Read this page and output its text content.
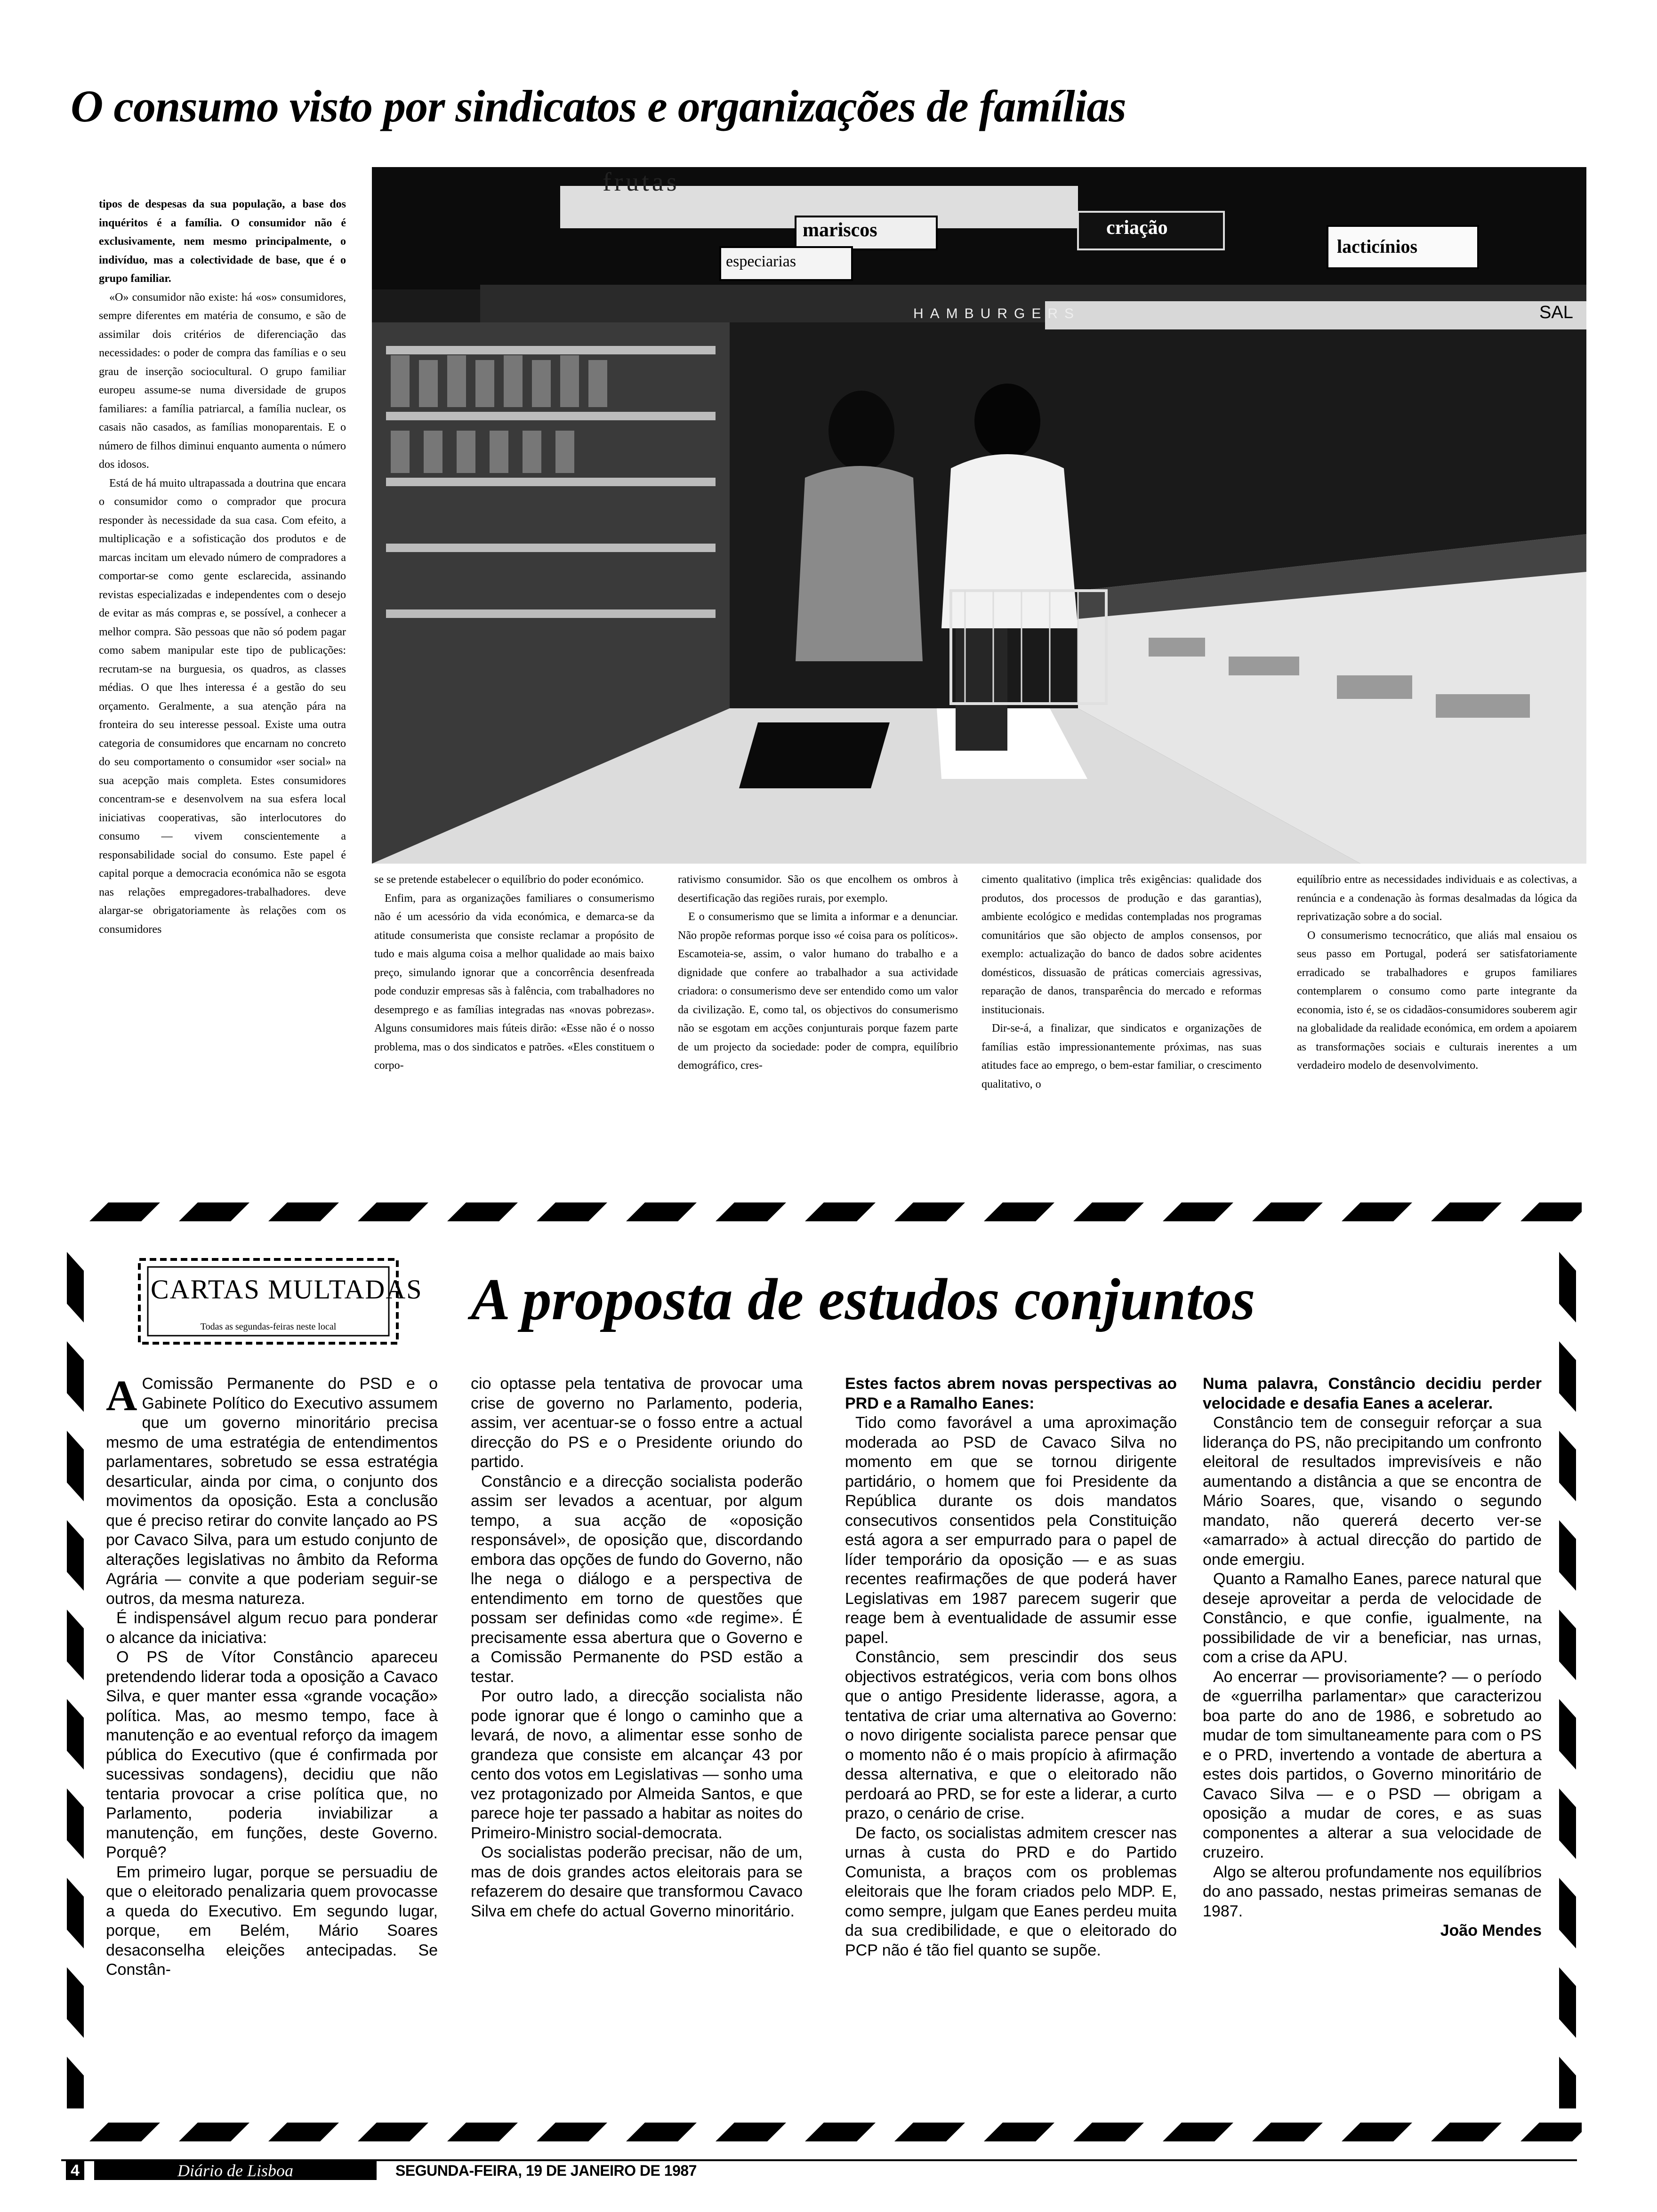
O consumo visto por sindicatos e organizações de famílias
frutas
mariscos
especiarias
criação
lacticínios
HAMBURGERS	SAL

tipos de despesas da sua população, a base dos inquéritos é a família. O consumidor não é exclusivamente, nem mesmo principalmente, o indivíduo, mas a colectividade de base, que é o grupo familiar.

«O» consumidor não existe: há «os» consumidores, sempre diferentes em matéria de consumo, e são de assimilar dois critérios de diferenciação das necessidades: o poder de compra das famílias e o seu grau de inserção sociocultural. O grupo familiar europeu assume-se numa diversidade de grupos familiares: a família patriarcal, a família nuclear, os casais não casados, as famílias monoparentais. E o número de filhos diminui enquanto aumenta o número dos idosos.

Está de há muito ultrapassada a doutrina que encara o consumidor como o comprador que procura responder às necessidade da sua casa. Com efeito, a multiplicação e a sofisticação dos produtos e de marcas incitam um elevado número de compradores a comportar-se como gente esclarecida, assinando revistas especializadas e independentes com o desejo de evitar as más compras e, se possível, a conhecer a melhor compra. São pessoas que não só podem pagar como sabem manipular este tipo de publicações: recrutam-se na burguesia, os quadros, as classes médias. O que lhes interessa é a gestão do seu orçamento. Geralmente, a sua atenção pára na fronteira do seu interesse pessoal. Existe uma outra categoria de consumidores que encarnam no concreto do seu comportamento o consumidor «ser social» na sua acepção mais completa. Estes consumidores concentram-se e desenvolvem na sua esfera local iniciativas cooperativas, são interlocutores do consumo — vivem conscientemente a responsabilidade social do consumo. Este papel é capital porque a democracia económica não se esgota nas relações empregadores-trabalhadores. deve alargar-se obrigatoriamente às relações com os consumidores

se se pretende estabelecer o equilíbrio do poder económico.

Enfim, para as organizações familiares o consumerismo não é um acessório da vida económica, e demarca-se da atitude consumerista que consiste reclamar a propósito de tudo e mais alguma coisa a melhor qualidade ao mais baixo preço, simulando ignorar que a concorrência desenfreada pode conduzir empresas sãs à falência, com trabalhadores no desemprego e as famílias integradas nas «novas pobrezas». Alguns consumidores mais fúteis dirão: «Esse não é o nosso problema, mas o dos sindicatos e patrões. «Eles constituem o corpo-

rativismo consumidor. São os que encolhem os ombros à desertificação das regiões rurais, por exemplo.

E o consumerismo que se limita a informar e a denunciar. Não propõe reformas porque isso «é coisa para os políticos». Escamoteia-se, assim, o valor humano do trabalho e a dignidade que confere ao trabalhador a sua actividade criadora: o consumerismo deve ser entendido como um valor da civilização. E, como tal, os objectivos do consumerismo não se esgotam em acções conjunturais porque fazem parte de um projecto da sociedade: poder de compra, equilíbrio demográfico, cres-

cimento qualitativo (implica três exigências: qualidade dos produtos, dos processos de produção e das garantias), ambiente ecológico e medidas contempladas nos programas comunitários que são objecto de amplos consensos, por exemplo: actualização do banco de dados sobre acidentes domésticos, dissuasão de práticas comerciais agressivas, reparação de danos, transparência do mercado e reformas institucionais.

Dir-se-á, a finalizar, que sindicatos e organizações de famílias estão impressionantemente próximas, nas suas atitudes face ao emprego, o bem-estar familiar, o crescimento qualitativo, o

equilíbrio entre as necessidades individuais e as colectivas, a renúncia e a condenação às formas desalmadas da lógica da reprivatização sobre a do social.

O consumerismo tecnocrático, que aliás mal ensaiou os seus passo em Portugal, poderá ser satisfatoriamente erradicado se trabalhadores e grupos familiares contemplarem o consumo como parte integrante da economia, isto é, se os cidadãos-consumidores souberem agir na globalidade da realidade económica, em ordem a apoiarem as transformações sociais e culturais inerentes a um verdadeiro modelo de desenvolvimento.

CARTAS MULTADAS
Todas as segundas-feiras neste local	A proposta de estudos conjuntos

A Comissão Permanente do PSD e o Gabinete Político do Executivo assumem que um governo minoritário precisa mesmo de uma estratégia de entendimentos parlamentares, sobretudo se essa estratégia desarticular, ainda por cima, o conjunto dos movimentos da oposição. Esta a conclusão que é preciso retirar do convite lançado ao PS por Cavaco Silva, para um estudo conjunto de alterações legislativas no âmbito da Reforma Agrária — convite a que poderiam seguir-se outros, da mesma natureza.

É indispensável algum recuo para ponderar o alcance da iniciativa:

O PS de Vítor Constâncio apareceu pretendendo liderar toda a oposição a Cavaco Silva, e quer manter essa «grande vocação» política. Mas, ao mesmo tempo, face à manutenção e ao eventual reforço da imagem pública do Executivo (que é confirmada por sucessivas sondagens), decidiu que não tentaria provocar a crise política que, no Parlamento, poderia inviabilizar a manutenção, em funções, deste Governo. Porquê?

Em primeiro lugar, porque se persuadiu de que o eleitorado penalizaria quem provocasse a queda do Executivo. Em segundo lugar, porque, em Belém, Mário Soares desaconselha eleições antecipadas. Se Constân-

cio optasse pela tentativa de provocar uma crise de governo no Parlamento, poderia, assim, ver acentuar-se o fosso entre a actual direcção do PS e o Presidente oriundo do partido.

Constâncio e a direcção socialista poderão assim ser levados a acentuar, por algum tempo, a sua acção de «oposição responsável», de oposição que, discordando embora das opções de fundo do Governo, não lhe nega o diálogo e a perspectiva de entendimento em torno de questões que possam ser definidas como «de regime». É precisamente essa abertura que o Governo e a Comissão Permanente do PSD estão a testar.

Por outro lado, a direcção socialista não pode ignorar que é longo o caminho que a levará, de novo, a alimentar esse sonho de grandeza que consiste em alcançar 43 por cento dos votos em Legislativas — sonho uma vez protagonizado por Almeida Santos, e que parece hoje ter passado a habitar as noites do Primeiro-Ministro social-democrata.

Os socialistas poderão precisar, não de um, mas de dois grandes actos eleitorais para se refazerem do desaire que transformou Cavaco Silva em chefe do actual Governo minoritário.

Estes factos abrem novas perspectivas ao PRD e a Ramalho Eanes:

Tido como favorável a uma aproximação moderada ao PSD de Cavaco Silva no momento em que se tornou dirigente partidário, o homem que foi Presidente da República durante os dois mandatos consecutivos consentidos pela Constituição está agora a ser empurrado para o papel de líder temporário da oposição — e as suas recentes reafirmações de que poderá haver Legislativas em 1987 parecem sugerir que reage bem à eventualidade de assumir esse papel.

Constâncio, sem prescindir dos seus objectivos estratégicos, veria com bons olhos que o antigo Presidente liderasse, agora, a tentativa de criar uma alternativa ao Governo: o novo dirigente socialista parece pensar que o momento não é o mais propício à afirmação dessa alternativa, e que o eleitorado não perdoará ao PRD, se for este a liderar, a curto prazo, o cenário de crise.

De facto, os socialistas admitem crescer nas urnas à custa do PRD e do Partido Comunista, a braços com os problemas eleitorais que lhe foram criados pelo MDP. E, como sempre, julgam que Eanes perdeu muita da sua credibilidade, e que o eleitorado do PCP não é tão fiel quanto se supõe.

Numa palavra, Constâncio decidiu perder velocidade e desafia Eanes a acelerar.

Constâncio tem de conseguir reforçar a sua liderança do PS, não precipitando um confronto eleitoral de resultados imprevisíveis e não aumentando a distância a que se encontra de Mário Soares, que, visando o segundo mandato, não quererá decerto ver-se «amarrado» à actual direcção do partido de onde emergiu.

Quanto a Ramalho Eanes, parece natural que deseje aproveitar a perda de velocidade de Constâncio, e que confie, igualmente, na possibilidade de vir a beneficiar, nas urnas, com a crise da APU.

Ao encerrar — provisoriamente? — o período de «guerrilha parlamentar» que caracterizou boa parte do ano de 1986, e sobretudo ao mudar de tom simultaneamente para com o PS e o PRD, invertendo a vontade de abertura a estes dois partidos, o Governo minoritário de Cavaco Silva — e o PSD — obrigam a oposição a mudar de cores, e as suas componentes a alterar a sua velocidade de cruzeiro.

Algo se alterou profundamente nos equilíbrios do ano passado, nestas primeiras semanas de 1987.

João Mendes

4	Diário de Lisboa	SEGUNDA-FEIRA, 19 DE JANEIRO DE 1987
